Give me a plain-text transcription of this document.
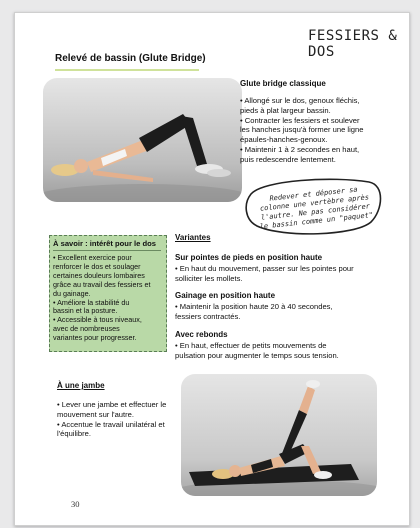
FESSIERS & DOS
Relevé de bassin (Glute Bridge)
Glute bridge classique

• Allongé sur le dos, genoux fléchis,

pieds à plat largeur bassin.

• Contracter les fessiers et soulever

les hanches jusqu'à former une ligne

épaules-hanches-genoux.

• Maintenir 1 à 2 secondes en haut,

puis redescendre lentement.

Redever et déposer sa colonne une vertèbre après l'autre. Ne pas considérer le bassin comme un "paquet"
À savoir : intérêt pour le dos

• Excellent exercice pour

renforcer le dos et soulager

certaines douleurs lombaires

grâce au travail des fessiers et

du gainage.

• Améliore la stabilité du

bassin et la posture.

• Accessible à tous niveaux,

avec de nombreuses

variantes pour progresser.

Variantes
Sur pointes de pieds en position haute

• En haut du mouvement, passer sur les pointes pour

solliciter les mollets.

Gainage en position haute

• Maintenir la position haute 20 à 40 secondes,

fessiers contractés.

Avec rebonds

• En haut, effectuer de petits mouvements de

pulsation pour augmenter le temps sous tension.

À une jambe

• Lever une jambe et effectuer le

mouvement sur l'autre.

• Accentue le travail unilatéral et

l'équilibre.

30
